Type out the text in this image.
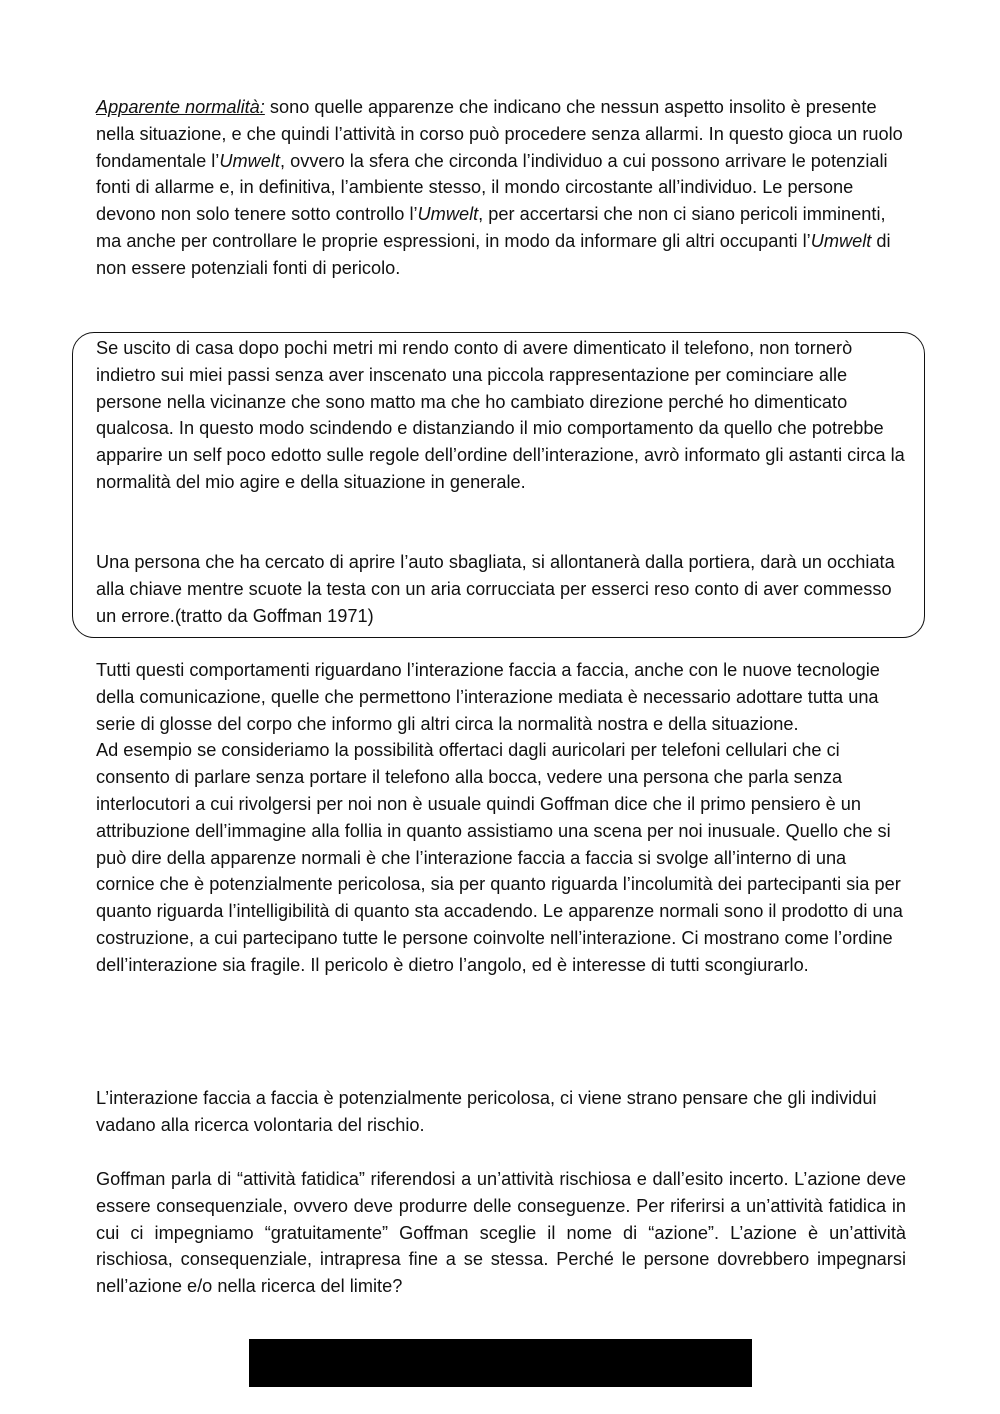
Apparente normalità: sono quelle apparenze che indicano che nessun aspetto insolito è presente nella situazione, e che quindi l’attività in corso può procedere senza allarmi. In questo gioca un ruolo fondamentale l’Umwelt, ovvero la sfera che circonda l’individuo a cui possono arrivare le potenziali fonti di allarme e, in definitiva, l’ambiente stesso, il mondo circostante all’individuo. Le persone devono non solo tenere sotto controllo l’Umwelt, per accertarsi che non ci siano pericoli imminenti, ma anche per controllare le proprie espressioni, in modo da informare gli altri occupanti l’Umwelt di non essere potenziali fonti di pericolo.

Se uscito di casa dopo pochi metri mi rendo conto di avere dimenticato il telefono, non tornerò indietro sui miei passi senza aver inscenato una piccola rappresentazione per cominciare alle persone nella vicinanze che sono matto ma che ho cambiato direzione perché ho dimenticato qualcosa. In questo modo scindendo e distanziando il mio comportamento da quello che potrebbe apparire un self poco edotto sulle regole dell’ordine dell’interazione, avrò informato gli astanti circa la normalità del mio agire e della situazione in generale.

Una persona che ha cercato di aprire l’auto sbagliata, si allontanerà dalla portiera, darà un occhiata alla chiave mentre scuote la testa con un aria corrucciata per esserci reso conto di aver commesso un errore.(tratto da Goffman 1971)

Tutti questi comportamenti riguardano l’interazione faccia a faccia, anche con le nuove tecnologie della comunicazione, quelle che permettono l’interazione mediata è necessario adottare tutta una serie di glosse del corpo che informo gli altri circa la normalità nostra e della situazione.
Ad esempio se consideriamo la possibilità offertaci dagli auricolari per telefoni cellulari che ci consento di parlare senza portare il telefono alla bocca, vedere una persona che parla senza interlocutori a cui rivolgersi per noi non è usuale quindi Goffman dice che il primo pensiero è un attribuzione dell’immagine alla follia in quanto assistiamo una scena per noi inusuale. Quello che si può dire della apparenze normali è che l’interazione faccia a faccia si svolge all’interno di una cornice che è potenzialmente pericolosa, sia per quanto riguarda l’incolumità dei partecipanti sia per quanto riguarda l’intelligibilità di quanto sta accadendo. Le apparenze normali sono il prodotto di una costruzione, a cui partecipano tutte le persone coinvolte nell’interazione. Ci mostrano come l’ordine dell’interazione sia fragile. Il pericolo è dietro l’angolo, ed è interesse di tutti scongiurarlo.

L’interazione faccia a faccia è potenzialmente pericolosa, ci viene strano pensare che gli individui vadano alla ricerca volontaria del rischio.

Goffman parla di “attività fatidica” riferendosi a un’attività rischiosa e dall’esito incerto. L’azione deve essere consequenziale, ovvero deve produrre delle conseguenze. Per riferirsi a un’attività fatidica in cui ci impegniamo “gratuitamente” Goffman sceglie il nome di “azione”. L’azione è un’attività rischiosa, consequenziale, intrapresa fine a se stessa. Perché le persone dovrebbero impegnarsi nell’azione e/o nella ricerca del limite?
